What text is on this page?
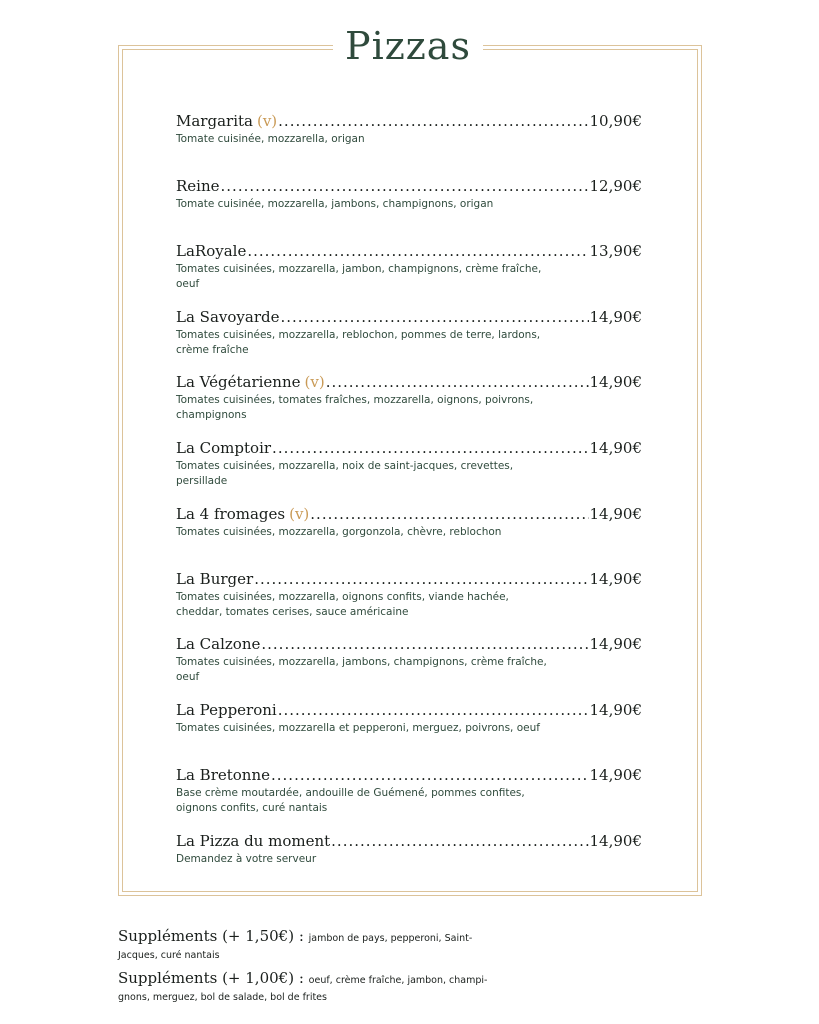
Pizzas
Margarita (v) .....	10,90€
Tomate cuisinée, mozzarella, origan
Reine .....	12,90€
Tomate cuisinée, mozzarella, jambons, champignons, origan
LaRoyale .....	13,90€
Tomates cuisinées, mozzarella, jambon, champignons, crème fraîche, oeuf
La Savoyarde .....	14,90€
Tomates cuisinées, mozzarella, reblochon, pommes de terre, lardons, crème fraîche
La Végétarienne (v) .....	14,90€
Tomates cuisinées, tomates fraîches, mozzarella, oignons, poivrons, champignons
La Comptoir .....	14,90€
Tomates cuisinées, mozzarella, noix de saint-jacques, crevettes, persillade
La 4 fromages (v) .....	14,90€
Tomates cuisinées, mozzarella, gorgonzola, chèvre, reblochon
La Burger .....	14,90€
Tomates cuisinées, mozzarella, oignons confits, viande hachée, cheddar, tomates cerises, sauce américaine
La Calzone .....	14,90€
Tomates cuisinées, mozzarella, jambons, champignons, crème fraîche, oeuf
La Pepperoni .....	14,90€
Tomates cuisinées, mozzarella et pepperoni, merguez, poivrons, oeuf
La Bretonne .....	14,90€
Base crème moutardée, andouille de Guémené, pommes confites, oignons confits, curé nantais
La Pizza du moment .....	14,90€
Demandez à votre serveur
Suppléments (+ 1,50€) : jambon de pays, pepperoni, Saint-
Jacques, curé nantais
Suppléments (+ 1,00€) : oeuf, crème fraîche, jambon, champi-
gnons, merguez, bol de salade, bol de frites
